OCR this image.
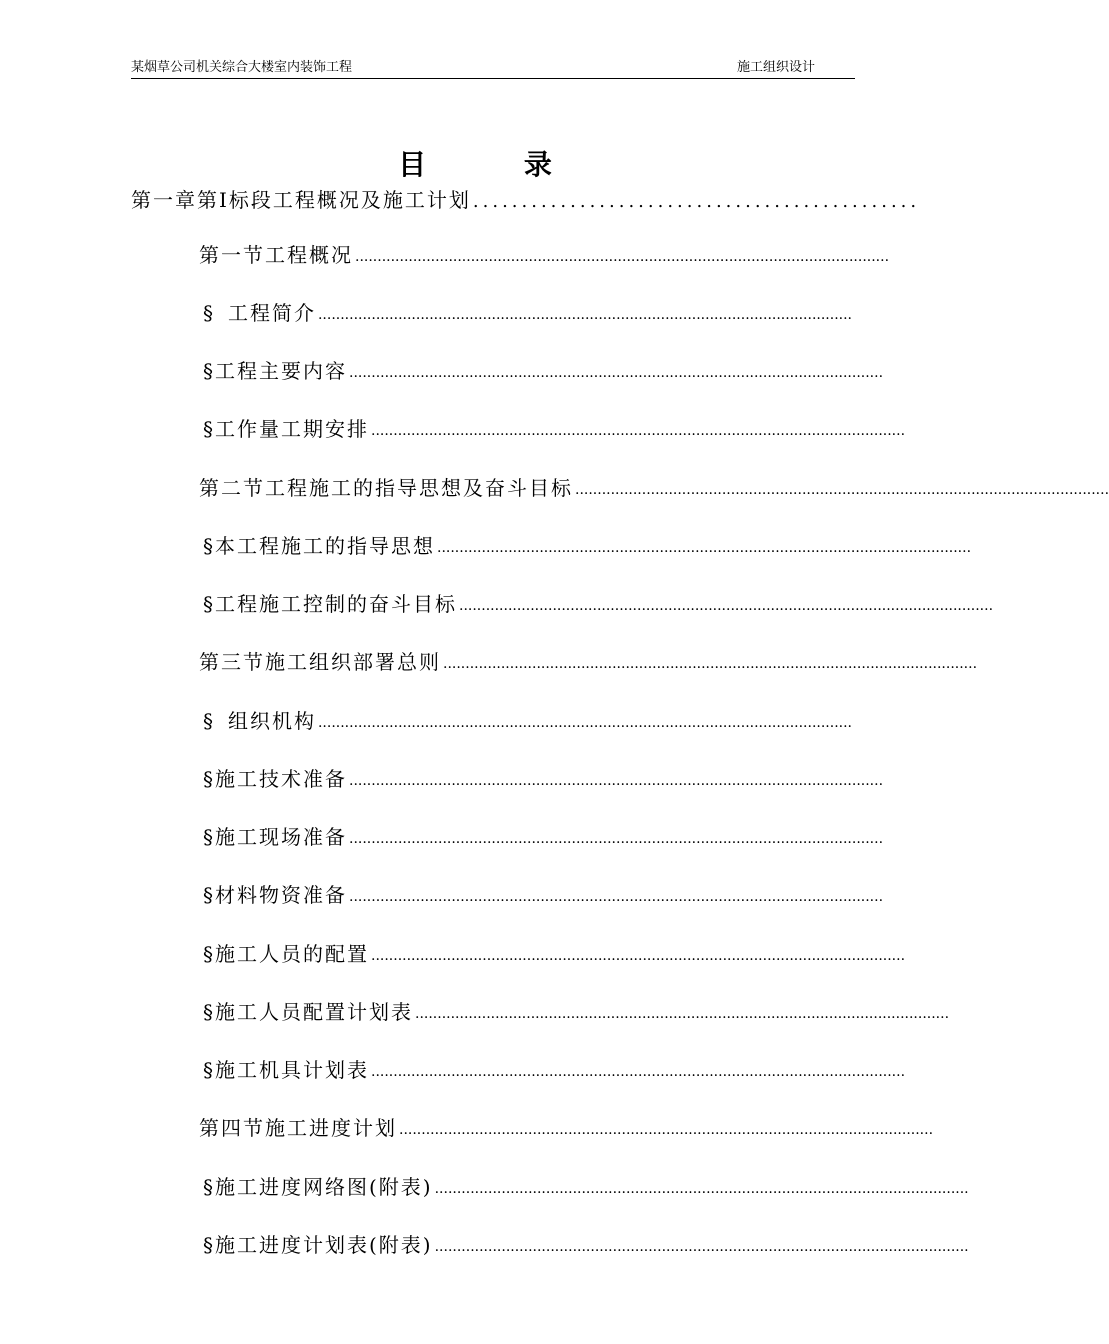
某烟草公司机关综合大楼室内装饰工程	施工组织设计
目 录
第一章 第Ⅰ标段工程概况及施工计划 ..............................................
第一节 工程概况 ........................................................................................................................
§ 工程简介 ........................................................................................................................
§ 工程主要内容 ........................................................................................................................
§ 工作量工期安排 ........................................................................................................................
第二节 工程施工的指导思想及奋斗目标 ........................................................................................................................
§ 本工程施工的指导思想 ........................................................................................................................
§ 工程施工控制的奋斗目标 ........................................................................................................................
第三节 施工组织部署总则 ........................................................................................................................
§ 组织机构 ........................................................................................................................
§ 施工技术准备 ........................................................................................................................
§ 施工现场准备 ........................................................................................................................
§ 材料物资准备 ........................................................................................................................
§ 施工人员的配置 ........................................................................................................................
§ 施工人员配置计划表 ........................................................................................................................
§ 施工机具计划表 ........................................................................................................................
第四节 施工进度计划 ........................................................................................................................
§ 施工进度网络图(附表) ........................................................................................................................
§ 施工进度计划表(附表) ........................................................................................................................
